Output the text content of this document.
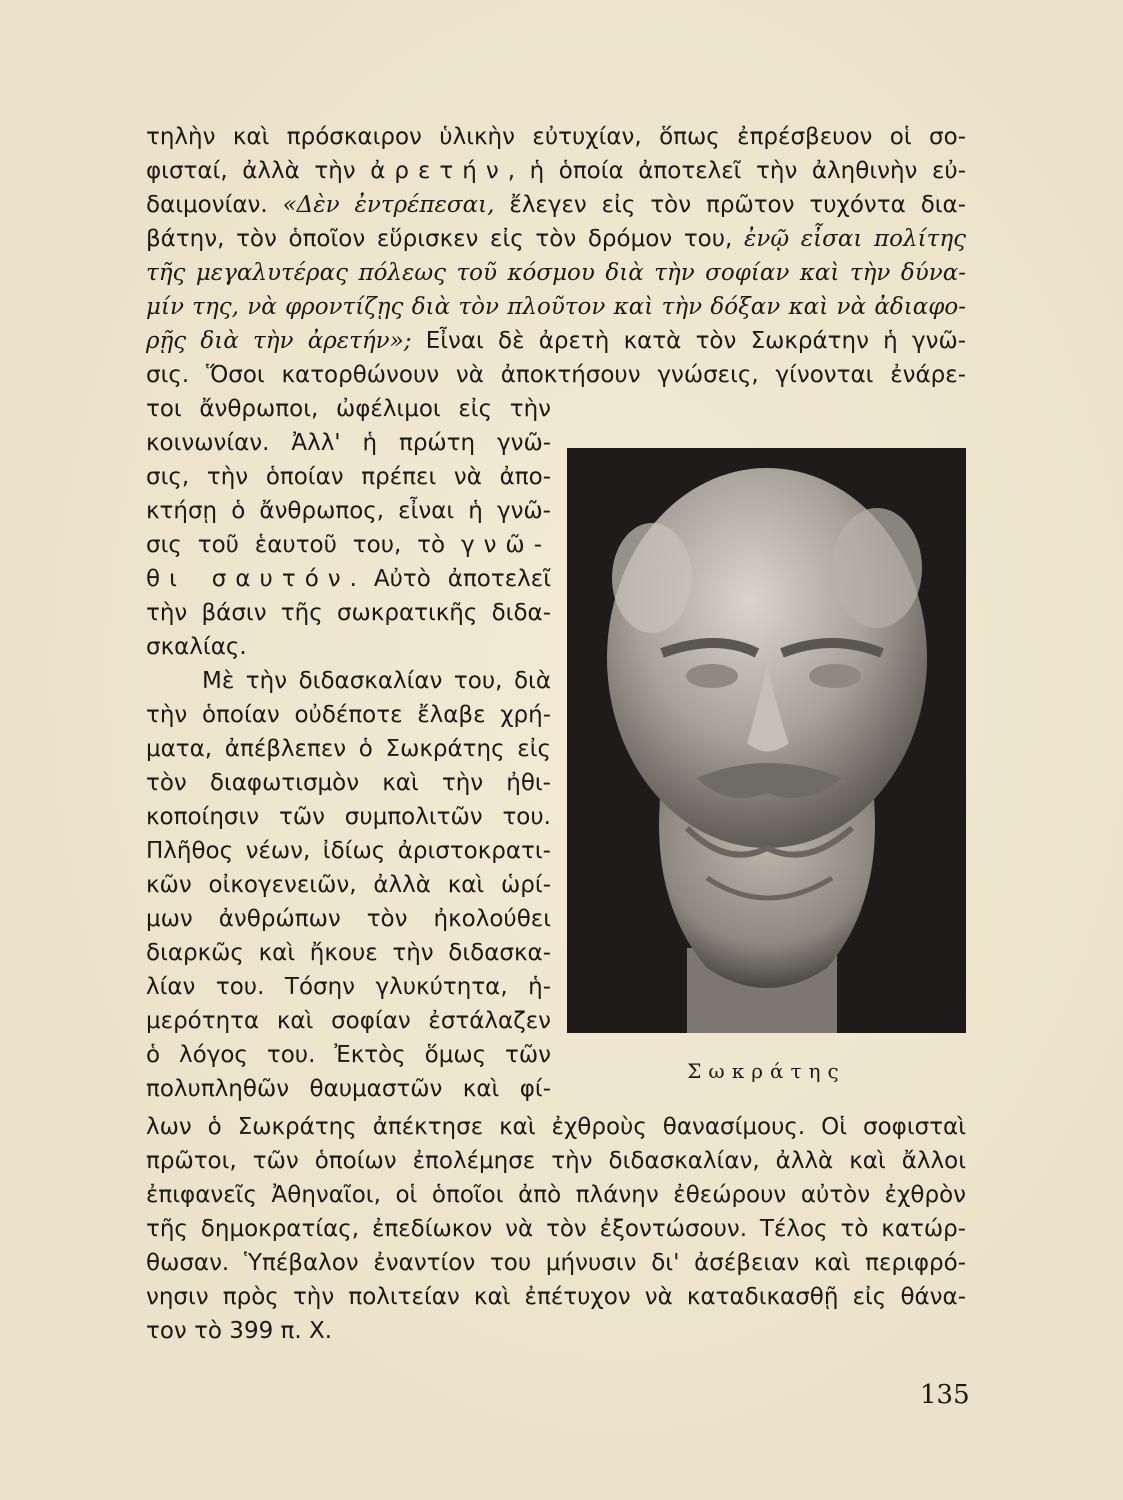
τηλὴν καὶ πρόσκαιρον ὑλικὴν εὐτυχίαν, ὅπως ἐπρέσβευον οἱ σο-
φισταί, ἀλλὰ τὴν ἀρετήν, ἡ ὁποία ἀποτελεῖ τὴν ἀληθινὴν εὐ-
δαιμονίαν. «Δὲν ἐντρέπεσαι, ἔλεγεν εἰς τὸν πρῶτον τυχόντα δια-
βάτην, τὸν ὁποῖον εὕρισκεν εἰς τὸν δρόμον του, ἐνῷ εἶσαι πολίτης
τῆς μεγαλυτέρας πόλεως τοῦ κόσμου διὰ τὴν σοφίαν καὶ τὴν δύνα-
μίν της, νὰ φροντίζῃς διὰ τὸν πλοῦτον καὶ τὴν δόξαν καὶ νὰ ἀδιαφο-
ρῇς διὰ τὴν ἀρετήν»; Εἶναι δὲ ἀρετὴ κατὰ τὸν Σωκράτην ἡ γνῶ-
σις. Ὅσοι κατορθώνουν νὰ ἀποκτήσουν γνώσεις, γίνονται ἐνάρε-
τοι ἄνθρωποι, ὠφέλιμοι εἰς τὴν
κοινωνίαν. Ἀλλ' ἡ πρώτη γνῶ-
σις, τὴν ὁποίαν πρέπει νὰ ἀπο-
κτήσῃ ὁ ἄνθρωπος, εἶναι ἡ γνῶ-
σις τοῦ ἑαυτοῦ του, τὸ γνῶ-
θι σαυτόν. Αὐτὸ ἀποτελεῖ
τὴν βάσιν τῆς σωκρατικῆς διδα-
σκαλίας.
Μὲ τὴν διδασκαλίαν του, διὰ
τὴν ὁποίαν οὐδέποτε ἔλαβε χρή-
ματα, ἀπέβλεπεν ὁ Σωκράτης εἰς
τὸν διαφωτισμὸν καὶ τὴν ἠθι-
κοποίησιν τῶν συμπολιτῶν του.
Πλῆθος νέων, ἰδίως ἀριστοκρατι-
κῶν οἰκογενειῶν, ἀλλὰ καὶ ὡρί-
μων ἀνθρώπων τὸν ἠκολούθει
διαρκῶς καὶ ἤκουε τὴν διδασκα-
λίαν του. Τόσην γλυκύτητα, ἡ-
μερότητα καὶ σοφίαν ἐστάλαζεν
ὁ λόγος του. Ἐκτὸς ὅμως τῶν
πολυπληθῶν θαυμαστῶν καὶ φί-
λων ὁ Σωκράτης ἀπέκτησε καὶ ἐχθροὺς θανασίμους. Οἱ σοφισταὶ
πρῶτοι, τῶν ὁποίων ἐπολέμησε τὴν διδασκαλίαν, ἀλλὰ καὶ ἄλλοι
ἐπιφανεῖς Ἀθηναῖοι, οἱ ὁποῖοι ἀπὸ πλάνην ἐθεώρουν αὐτὸν ἐχθρὸν
τῆς δημοκρατίας, ἐπεδίωκον νὰ τὸν ἐξοντώσουν. Τέλος τὸ κατώρ-
θωσαν. Ὑπέβαλον ἐναντίον του μήνυσιν δι' ἀσέβειαν καὶ περιφρό-
νησιν πρὸς τὴν πολιτείαν καὶ ἐπέτυχον νὰ καταδικασθῇ εἰς θάνα-
τον τὸ 399 π. Χ.
Σωκράτης
135
